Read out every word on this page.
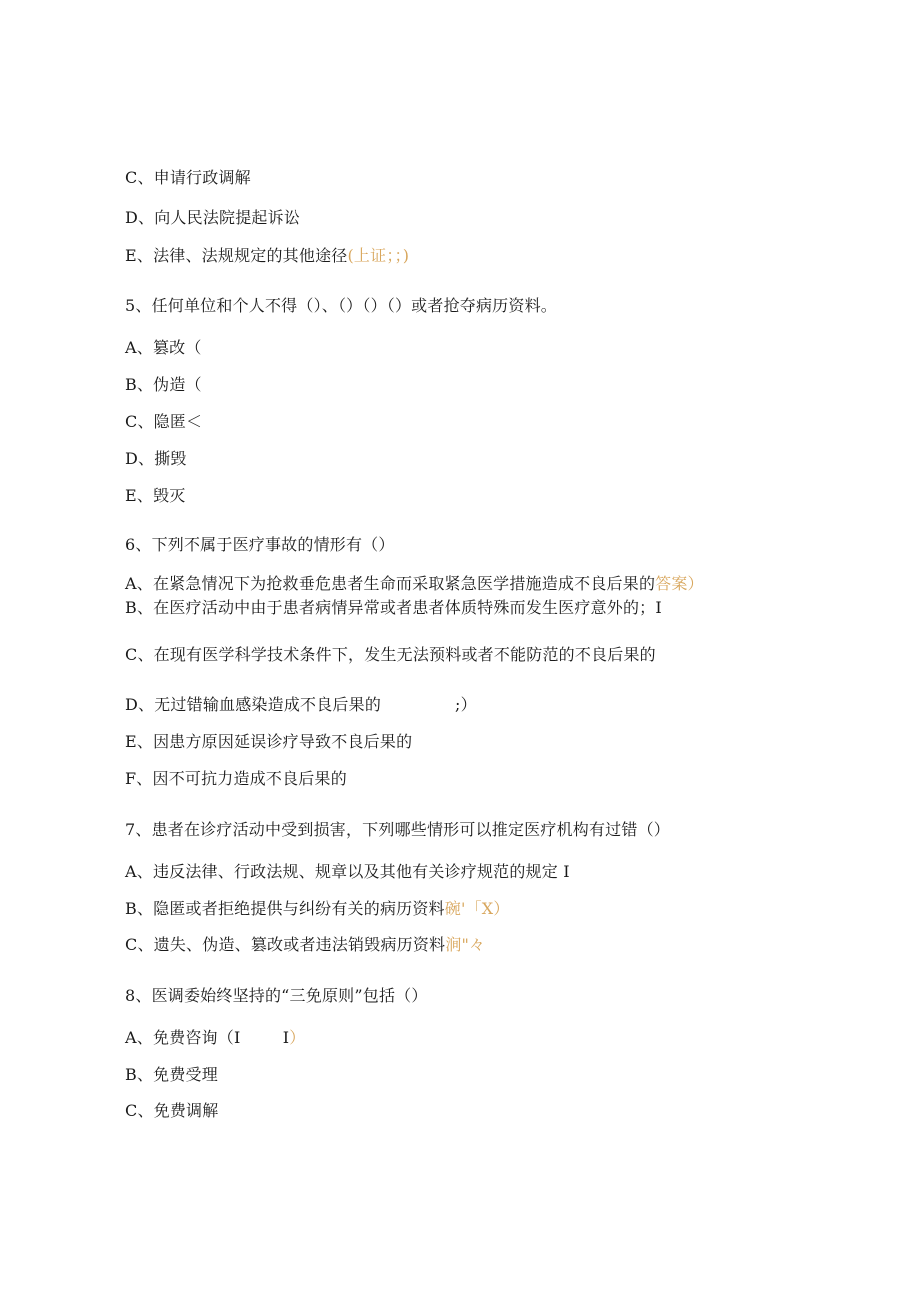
C、申请行政调解
D、向人民法院提起诉讼
E、法律、法规规定的其他途径(上证；；)
5、任何单位和个人不得（）、（）（）（）或者抢夺病历资料。
A、篡改（
B、伪造（
C、隐匿＜
D、撕毁
E、毁灭
6、下列不属于医疗事故的情形有（）
A、在紧急情况下为抢救垂危患者生命而采取紧急医学措施造成不良后果的答案）
B、在医疗活动中由于患者病情异常或者患者体质特殊而发生医疗意外的；I
C、在现有医学科学技术条件下，发生无法预料或者不能防范的不良后果的
D、无过错输血感染造成不良后果的              ;）
E、因患方原因延误诊疗导致不良后果的
F、因不可抗力造成不良后果的
7、患者在诊疗活动中受到损害，下列哪些情形可以推定医疗机构有过错（）
A、违反法律、行政法规、规章以及其他有关诊疗规范的规定 I
B、隐匿或者拒绝提供与纠纷有关的病历资料碗'「X）
C、遗失、伪造、篡改或者违法销毁病历资料涧"々
8、医调委始终坚持的“三免原则”包括（）
A、免费咨询（I        I）
B、免费受理
C、免费调解
